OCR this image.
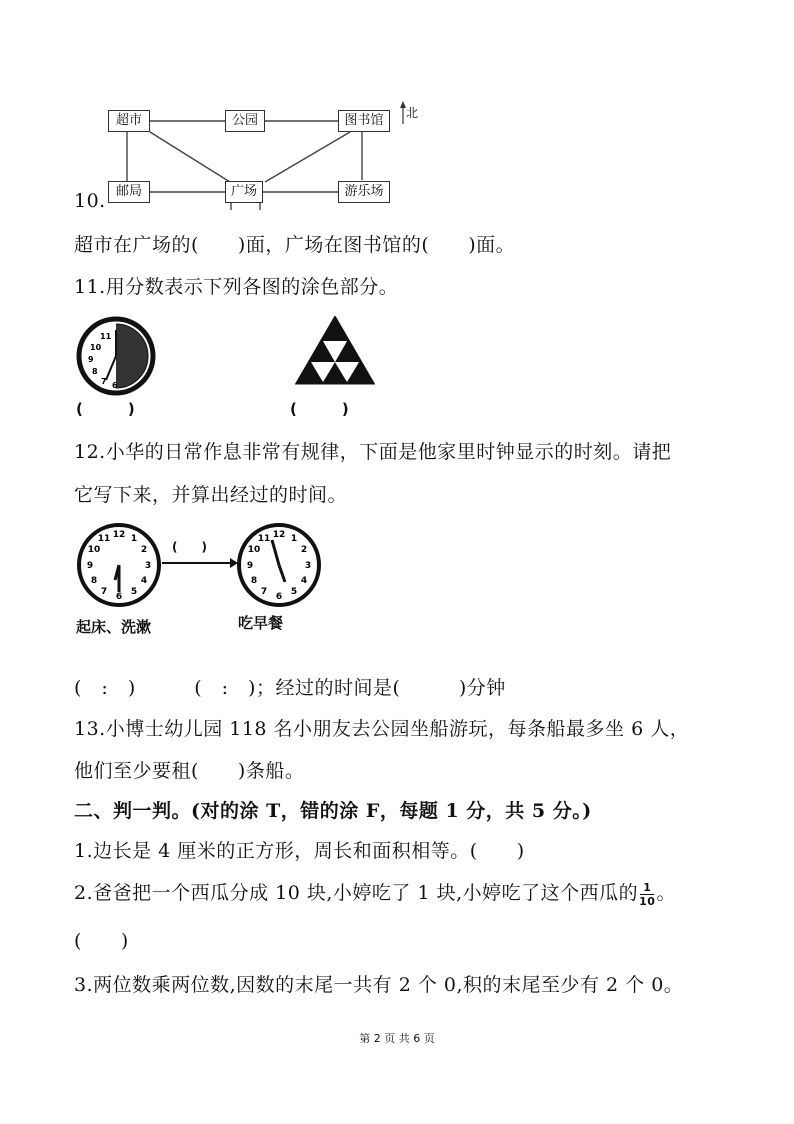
超市	公园	图书馆
邮局	广场	游乐场
北
10.
超市在广场的(　　)面，广场在图书馆的(　　)面。
11.用分数表示下列各图的涂色部分。
11
10
9
8
7 6
(　　　)	(　　　)
12.小华的日常作息非常有规律，下面是他家里时钟显示的时刻。请把
它写下来，并算出经过的时间。
12 1
2
3
4
5
6
7
8
9
10
11
(　　)
12 1
2
3
4
5
6
7
8
9
10
11
起床、洗漱	吃早餐
(　:　)　　　(　:　)；经过的时间是(　　　)分钟
13.小博士幼儿园 118 名小朋友去公园坐船游玩，每条船最多坐 6 人，
他们至少要租(　　)条船。
二、判一判。(对的涂 T，错的涂 F，每题 1 分，共 5 分。)
1.边长是 4 厘米的正方形，周长和面积相等。(　　)
2.爸爸把一个西瓜分成 10 块,小婷吃了 1 块,小婷吃了这个西瓜的 $\frac{1}{10}$ 。
(　　)
3.两位数乘两位数,因数的末尾一共有 2 个 0,积的末尾至少有 2 个 0。
第 2 页 共 6 页
